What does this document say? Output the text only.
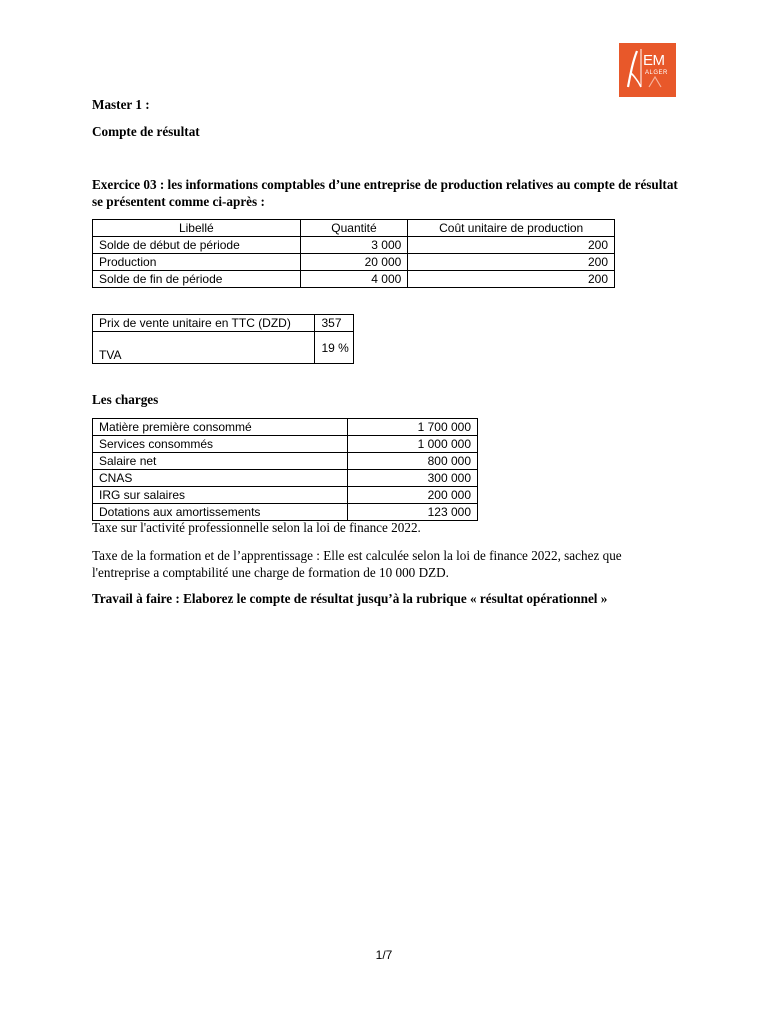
EM
ALGER
Master 1 :
Compte de résultat
Exercice 03 : les informations comptables d’une entreprise de production relatives au compte de résultat se présentent comme ci-après :
Libellé	Quantité	Coût unitaire de production
Solde de début de période	3 000	200
Production	20 000	200
Solde de fin de période	4 000	200
Prix de vente unitaire en TTC (DZD)	357
TVA	19 %
Les charges
Matière première consommé	1 700 000
Services consommés	1 000 000
Salaire net	800 000
CNAS	300 000
IRG sur salaires	200 000
Dotations aux amortissements	123 000
Taxe sur l'activité professionnelle selon la loi de finance 2022.
Taxe de la formation et de l’apprentissage : Elle est calculée selon la loi de finance 2022, sachez que l'entreprise a comptabilité une charge de formation de 10 000 DZD.
Travail à faire : Elaborez le compte de résultat jusqu’à la rubrique « résultat opérationnel »
1/7
